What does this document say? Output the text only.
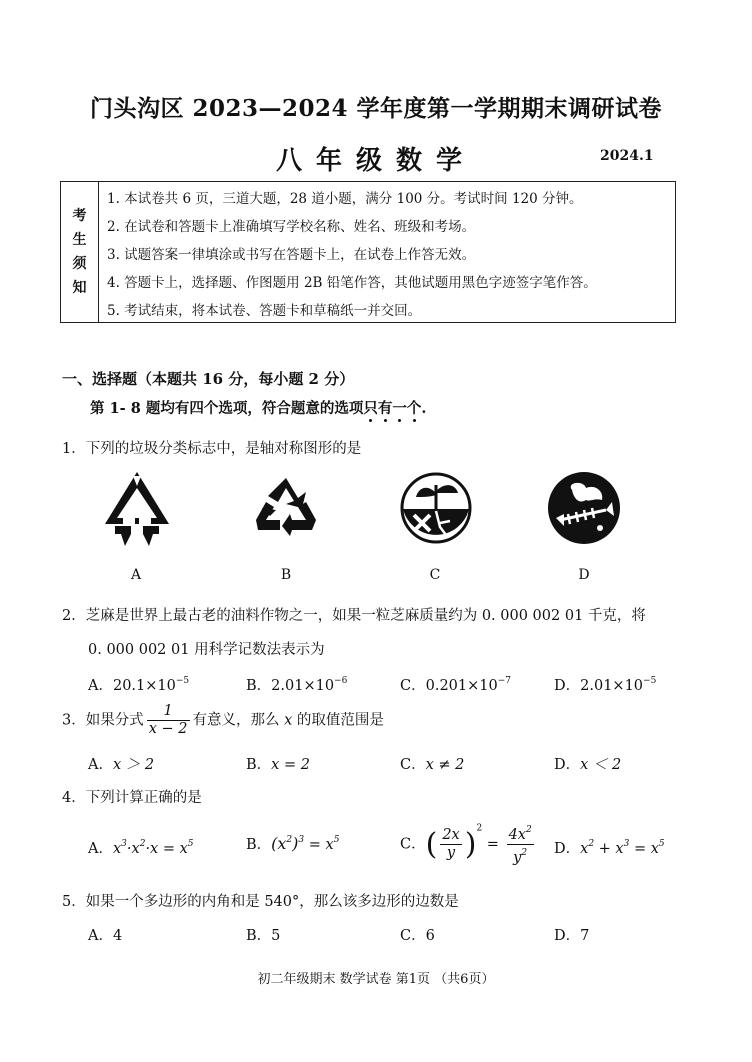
门头沟区 2023—2024 学年度第一学期期末调研试卷
八年级数学	2024.1
考
生
须
知
1. 本试卷共 6 页，三道大题，28 道小题，满分 100 分。考试时间 120 分钟。
2. 在试卷和答题卡上准确填写学校名称、姓名、班级和考场。
3. 试题答案一律填涂或书写在答题卡上，在试卷上作答无效。
4. 答题卡上，选择题、作图题用 2B 铅笔作答，其他试题用黑色字迹签字笔作答。
5. 考试结束，将本试卷、答题卡和草稿纸一并交回。
一、选择题（本题共 16 分，每小题 2 分）
第 1- 8 题均有四个选项，符合题意的选项只有一个.
1．下列的垃圾分类标志中，是轴对称图形的是
A	B	C	D
2．芝麻是世界上最古老的油料作物之一，如果一粒芝麻质量约为 0. 000 002 01 千克，将
0. 000 002 01 用科学记数法表示为
A．$20.1\times 10^{-5}$	B．$2.01\times 10^{-6}$	C．$0.201\times 10^{-7}$	D．$2.01\times 10^{-5}$
3．如果分式 $\frac{1}{x - 2}$ 有意义，那么 x 的取值范围是
A．x ＞ 2	B．x = 2	C．x ≠ 2	D．x ＜ 2
4．下列计算正确的是
A．$x^3\cdot x^2\cdot x = x^5$	B．$(x^2)^3 = x^5$	C．( $\frac{2x}{y} )^2 = \frac{4x^2}{y^2}$ D．$x^2 + x^3 = x^5$
5．如果一个多边形的内角和是 540°，那么该多边形的边数是
A．4	B．5	C．6	D．7
初二年级期末 数学试卷 第1页 （共6页）
